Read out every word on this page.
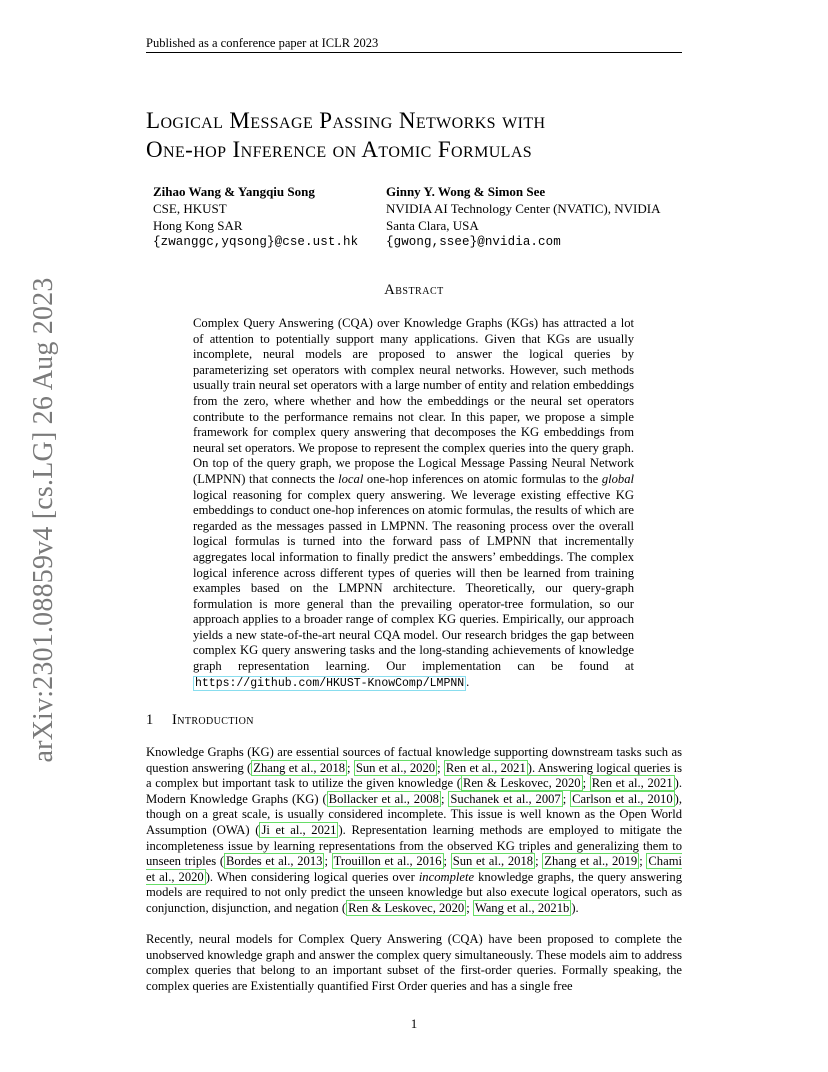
Published as a conference paper at ICLR 2023
arXiv:2301.08859v4 [cs.LG] 26 Aug 2023
Logical Message Passing Networks with
One-hop Inference on Atomic Formulas
Zihao Wang & Yangqiu Song
CSE, HKUST
Hong Kong SAR
{zwanggc,yqsong}@cse.ust.hk
Ginny Y. Wong & Simon See
NVIDIA AI Technology Center (NVATIC), NVIDIA
Santa Clara, USA
{gwong,ssee}@nvidia.com
Abstract
Complex Query Answering (CQA) over Knowledge Graphs (KGs) has attracted a lot of attention to potentially support many applications. Given that KGs are usually incomplete, neural models are proposed to answer the logical queries by parameterizing set operators with complex neural networks. However, such methods usually train neural set operators with a large number of entity and relation embeddings from the zero, where whether and how the embeddings or the neural set operators contribute to the performance remains not clear. In this paper, we propose a simple framework for complex query answering that decomposes the KG embeddings from neural set operators. We propose to represent the complex queries into the query graph. On top of the query graph, we propose the Logical Message Passing Neural Network (LMPNN) that connects the local one-hop inferences on atomic formulas to the global logical reasoning for complex query answering. We leverage existing effective KG embeddings to conduct one-hop inferences on atomic formulas, the results of which are regarded as the messages passed in LMPNN. The reasoning process over the overall logical formulas is turned into the forward pass of LMPNN that incrementally aggregates local information to finally predict the answers’ embeddings. The complex logical inference across different types of queries will then be learned from training examples based on the LMPNN architecture. Theoretically, our query-graph formulation is more general than the prevailing operator-tree formulation, so our approach applies to a broader range of complex KG queries. Empirically, our approach yields a new state-of-the-art neural CQA model. Our research bridges the gap between complex KG query answering tasks and the long-standing achievements of knowledge graph representation learning. Our implementation can be found at https://github.com/HKUST-KnowComp/LMPNN .
1 Introduction
Knowledge Graphs (KG) are essential sources of factual knowledge supporting downstream tasks such as question answering ( Zhang et al., 2018 ; Sun et al., 2020 ; Ren et al., 2021 ). Answering logical queries is a complex but important task to utilize the given knowledge ( Ren & Leskovec, 2020 ; Ren et al., 2021 ). Modern Knowledge Graphs (KG) ( Bollacker et al., 2008 ; Suchanek et al., 2007 ; Carlson et al., 2010 ), though on a great scale, is usually considered incomplete. This issue is well known as the Open World Assumption (OWA) ( Ji et al., 2021 ). Representation learning methods are employed to mitigate the incompleteness issue by learning representations from the observed KG triples and generalizing them to unseen triples ( Bordes et al., 2013 ; Trouillon et al., 2016 ; Sun et al., 2018 ; Zhang et al., 2019 ; Chami et al., 2020 ). When considering logical queries over incomplete knowledge graphs, the query answering models are required to not only predict the unseen knowledge but also execute logical operators, such as conjunction, disjunction, and negation ( Ren & Leskovec, 2020 ; Wang et al., 2021b ).
Recently, neural models for Complex Query Answering (CQA) have been proposed to complete the unobserved knowledge graph and answer the complex query simultaneously. These models aim to address complex queries that belong to an important subset of the first-order queries. Formally speaking, the complex queries are Existentially quantified First Order queries and has a single free
1
